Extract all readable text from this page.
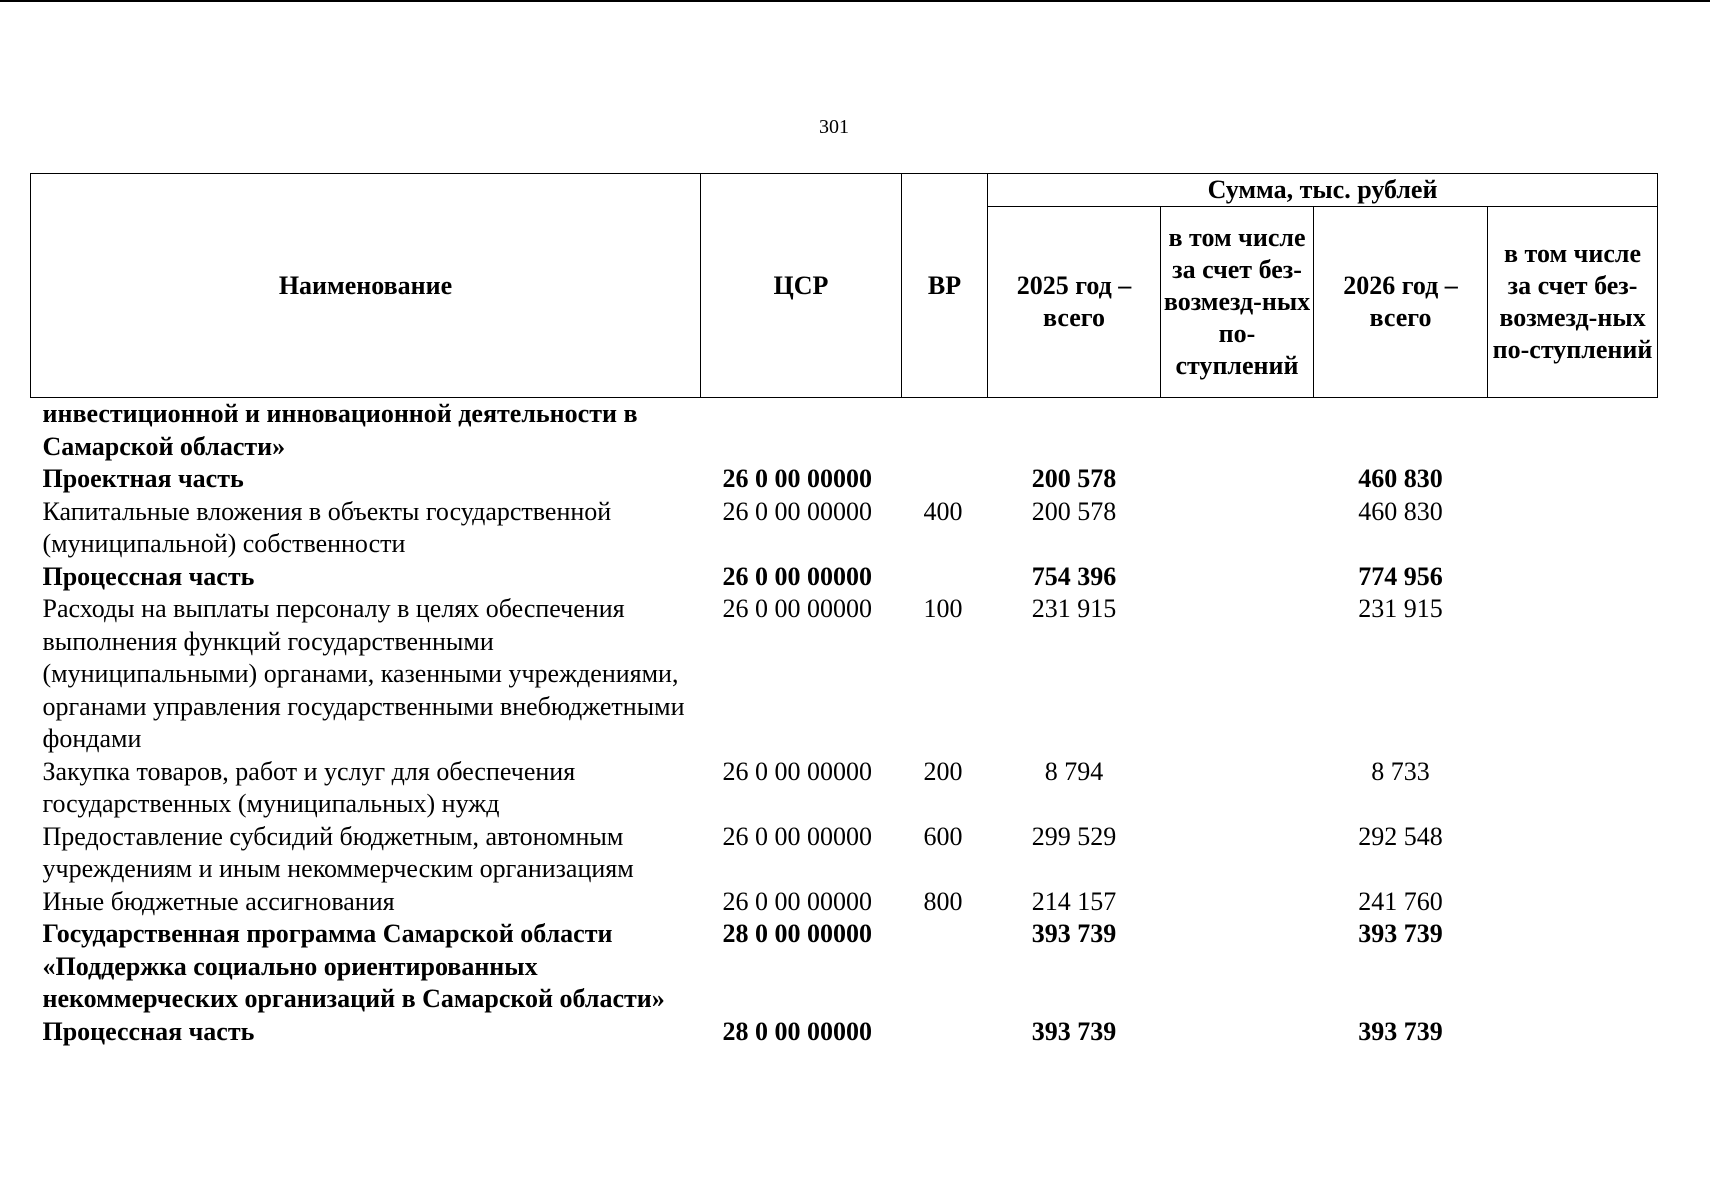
301
Наименование	ЦСР	ВР	Сумма, тыс. рублей			
			2025 год – всего	в том числе за счет без-возмезд-ных по-ступлений	2026 год – всего	в том числе за счет без-возмезд-ных по-ступлений
инвестиционной и инновационной деятельности в Самарской области»						
Проектная часть	26 0 00 00000		200 578		460 830	
Капитальные вложения в объекты государственной (муниципальной) собственности	26 0 00 00000	400	200 578		460 830	
Процессная часть	26 0 00 00000		754 396		774 956	
Расходы на выплаты персоналу в целях обеспечения выполнения функций государственными (муниципальными) органами, казенными учреждениями, органами управления государственными внебюджетными фондами	26 0 00 00000	100	231 915		231 915	
Закупка товаров, работ и услуг для обеспечения государственных (муниципальных) нужд	26 0 00 00000	200	8 794		8 733	
Предоставление субсидий бюджетным, автономным учреждениям и иным некоммерческим организациям	26 0 00 00000	600	299 529		292 548	
Иные бюджетные ассигнования	26 0 00 00000	800	214 157		241 760	
Государственная программа Самарской области «Поддержка социально ориентированных некоммерческих организаций в Самарской области»	28 0 00 00000		393 739		393 739	
Процессная часть	28 0 00 00000		393 739		393 739	
